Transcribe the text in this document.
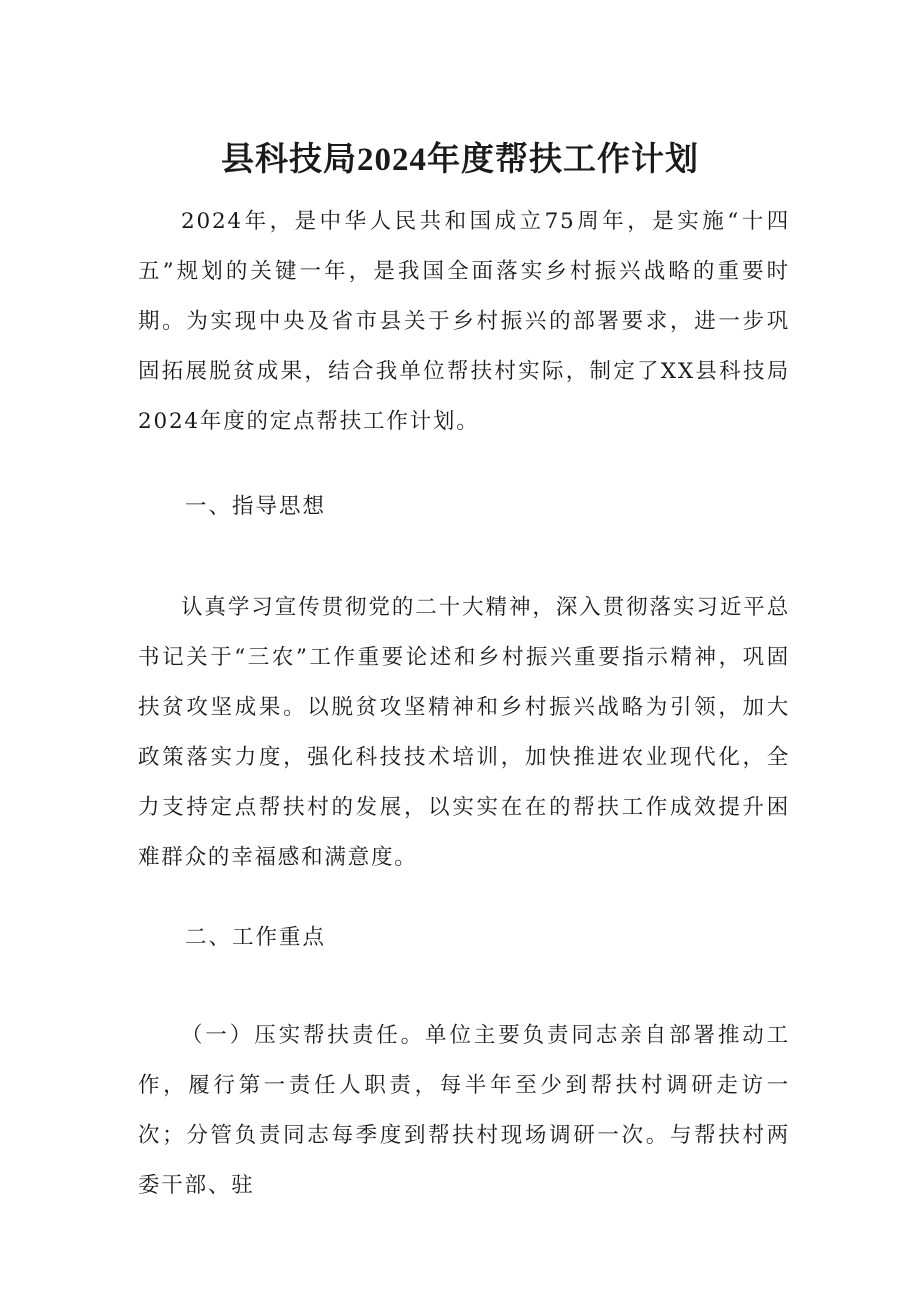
县科技局2024年度帮扶工作计划

2024年，是中华人民共和国成立75周年，是实施“十四五”规划的关键一年，是我国全面落实乡村振兴战略的重要时期。为实现中央及省市县关于乡村振兴的部署要求，进一步巩固拓展脱贫成果，结合我单位帮扶村实际，制定了XX县科技局2024年度的定点帮扶工作计划。

一、指导思想

认真学习宣传贯彻党的二十大精神，深入贯彻落实习近平总书记关于“三农”工作重要论述和乡村振兴重要指示精神，巩固扶贫攻坚成果。以脱贫攻坚精神和乡村振兴战略为引领，加大政策落实力度，强化科技技术培训，加快推进农业现代化，全力支持定点帮扶村的发展，以实实在在的帮扶工作成效提升困难群众的幸福感和满意度。

二、工作重点

（一）压实帮扶责任。单位主要负责同志亲自部署推动工作，履行第一责任人职责，每半年至少到帮扶村调研走访一次；分管负责同志每季度到帮扶村现场调研一次。与帮扶村两委干部、驻
